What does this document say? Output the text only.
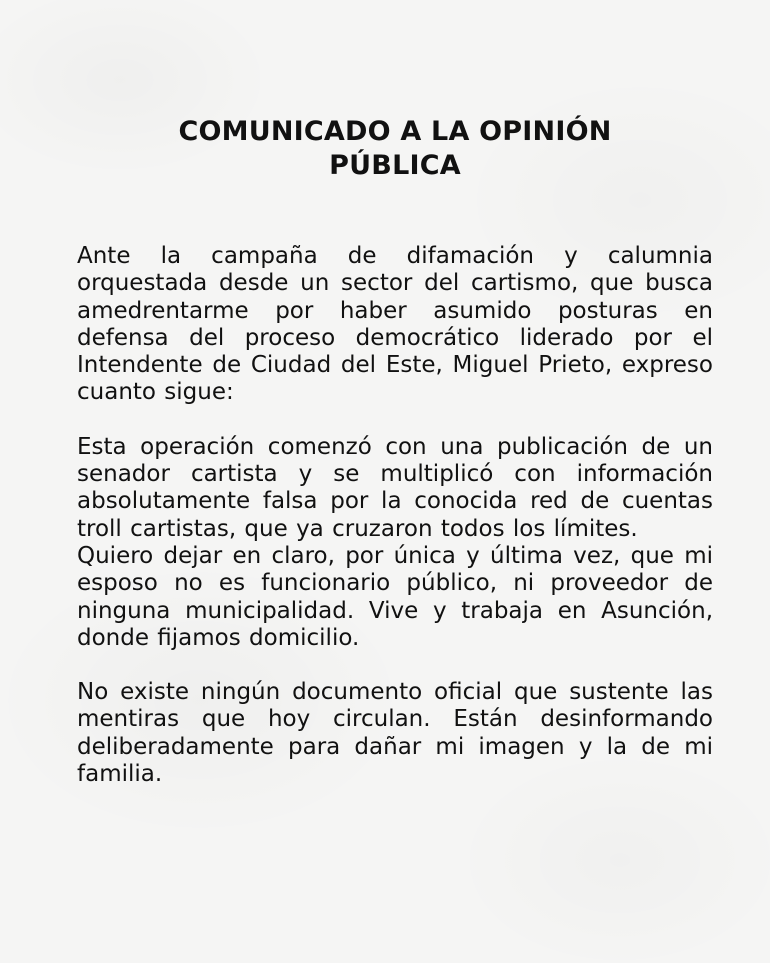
COMUNICADO A LA OPINIÓN
PÚBLICA

Ante la campaña de difamación y calumnia orquestada desde un sector del cartismo, que busca amedrentarme por haber asumido posturas en defensa del proceso democrático liderado por el Intendente de Ciudad del Este, Miguel Prieto, expreso cuanto sigue:

Esta operación comenzó con una publicación de un senador cartista y se multiplicó con información absolutamente falsa por la conocida red de cuentas troll cartistas, que ya cruzaron todos los límites.

Quiero dejar en claro, por única y última vez, que mi esposo no es funcionario público, ni proveedor de ninguna municipalidad. Vive y trabaja en Asunción, donde fijamos domicilio.

No existe ningún documento oficial que sustente las mentiras que hoy circulan. Están desinformando deliberadamente para dañar mi imagen y la de mi familia.
